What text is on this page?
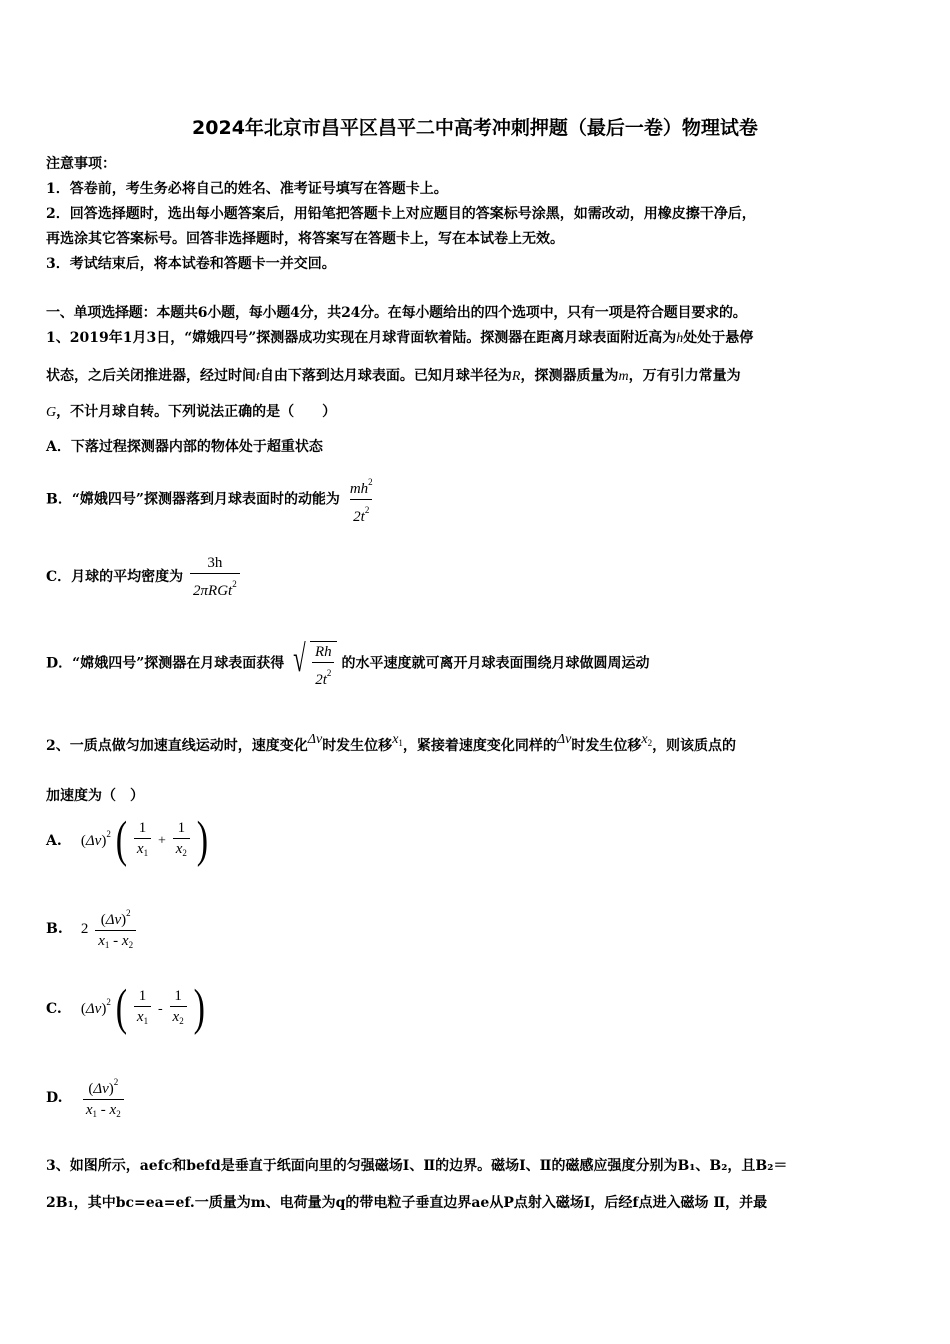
2024年北京市昌平区昌平二中高考冲刺押题（最后一卷）物理试卷
注意事项：
1．答卷前，考生务必将自己的姓名、准考证号填写在答题卡上。
2．回答选择题时，选出每小题答案后，用铅笔把答题卡上对应题目的答案标号涂黑，如需改动，用橡皮擦干净后，
再选涂其它答案标号。回答非选择题时，将答案写在答题卡上，写在本试卷上无效。
3．考试结束后，将本试卷和答题卡一并交回。
一、单项选择题：本题共6小题，每小题4分，共24分。在每小题给出的四个选项中，只有一项是符合题目要求的。
1、2019年1月3日，“嫦娥四号”探测器成功实现在月球背面软着陆。探测器在距离月球表面附近高为h处处于悬停
状态，之后关闭推进器，经过时间t自由下落到达月球表面。已知月球半径为R，探测器质量为m，万有引力常量为
G，不计月球自转。下列说法正确的是（　　）
A．下落过程探测器内部的物体处于超重状态
B．“嫦娥四号”探测器落到月球表面时的动能为 $\frac{mh^2}{2t^2}$
C．月球的平均密度为 $\frac{3h}{2\pi RGt^2}$
D．“嫦娥四号”探测器在月球表面获得 √ $\frac{Rh}{2t^2}$ 的水平速度就可离开月球表面围绕月球做圆周运动
2、一质点做匀加速直线运动时，速度变化Δv时发生位移$x_1$，紧接着速度变化同样的Δv时发生位移$x_2$，则该质点的
加速度为（　）
A. $(\Delta v)^2$ ( $\frac{1}{x_1} + \frac{1}{x_2}$ )
B. $2 \frac{(\Delta v)^2}{x_1 - x_2}$
C. $(\Delta v)^2$ ( $\frac{1}{x_1} - \frac{1}{x_2}$ )
D. $\frac{(\Delta v)^2}{x_1 - x_2}$
3、如图所示，aefc和befd是垂直于纸面向里的匀强磁场Ⅰ、Ⅱ的边界。磁场Ⅰ、Ⅱ的磁感应强度分别为B₁、B₂，且B₂＝
2B₁，其中bc=ea=ef.一质量为m、电荷量为q的带电粒子垂直边界ae从P点射入磁场Ⅰ，后经f点进入磁场 Ⅱ，并最
